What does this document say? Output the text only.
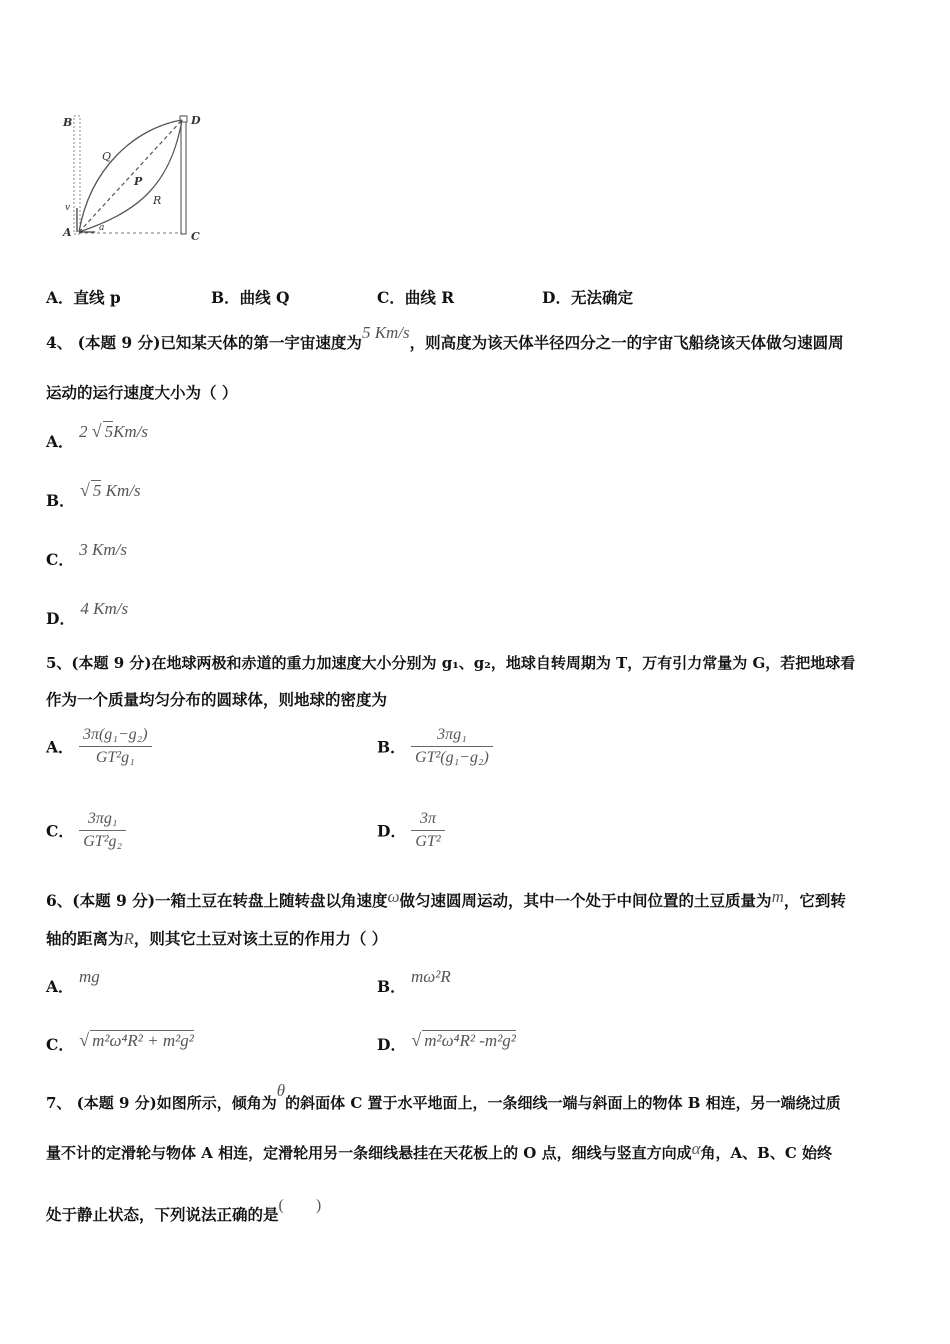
B	D
Q
P
R
v
A	a
C
A．直线 p	B．曲线 Q	C．曲线 R	D．无法确定
4、 (本题 9 分)已知某天体的第一宇宙速度为5 Km/s，则高度为该天体半径四分之一的宇宙飞船绕该天体做匀速圆周
运动的运行速度大小为（ ）
A． 2 √ 5Km/s
B． √ 5 Km/s
C． 3 Km/s
D． 4 Km/s
5、(本题 9 分)在地球两极和赤道的重力加速度大小分别为 g₁、g₂，地球自转周期为 T，万有引力常量为 G，若把地球看
作为一个质量均匀分布的圆球体，则地球的密度为
A． $\frac{\text{3π(g₁−g₂)}}{\text{GT²g₁}}$	B． $\frac{\text{3πg₁}}{\text{GT²(g₁−g₂)}}$
C． $\frac{\text{3πg₁}}{\text{GT²g₂}}$	D． $\frac{3\pi}{\text{GT²}}$
6、(本题 9 分)一箱土豆在转盘上随转盘以角速度ω做匀速圆周运动，其中一个处于中间位置的土豆质量为m，它到转
轴的距离为R，则其它土豆对该土豆的作用力（ ）
A． mg
B． mω²R
C． √ m²ω⁴R² + m²g²	D． √ m²ω⁴R² -m²g²
7、 (本题 9 分)如图所示，倾角为θ的斜面体 C 置于水平地面上，一条细线一端与斜面上的物体 B 相连，另一端绕过质
量不计的定滑轮与物体 A 相连，定滑轮用另一条细线悬挂在天花板上的 O 点，细线与竖直方向成α角，A、B、C 始终
处于静止状态，下列说法正确的是(        )
